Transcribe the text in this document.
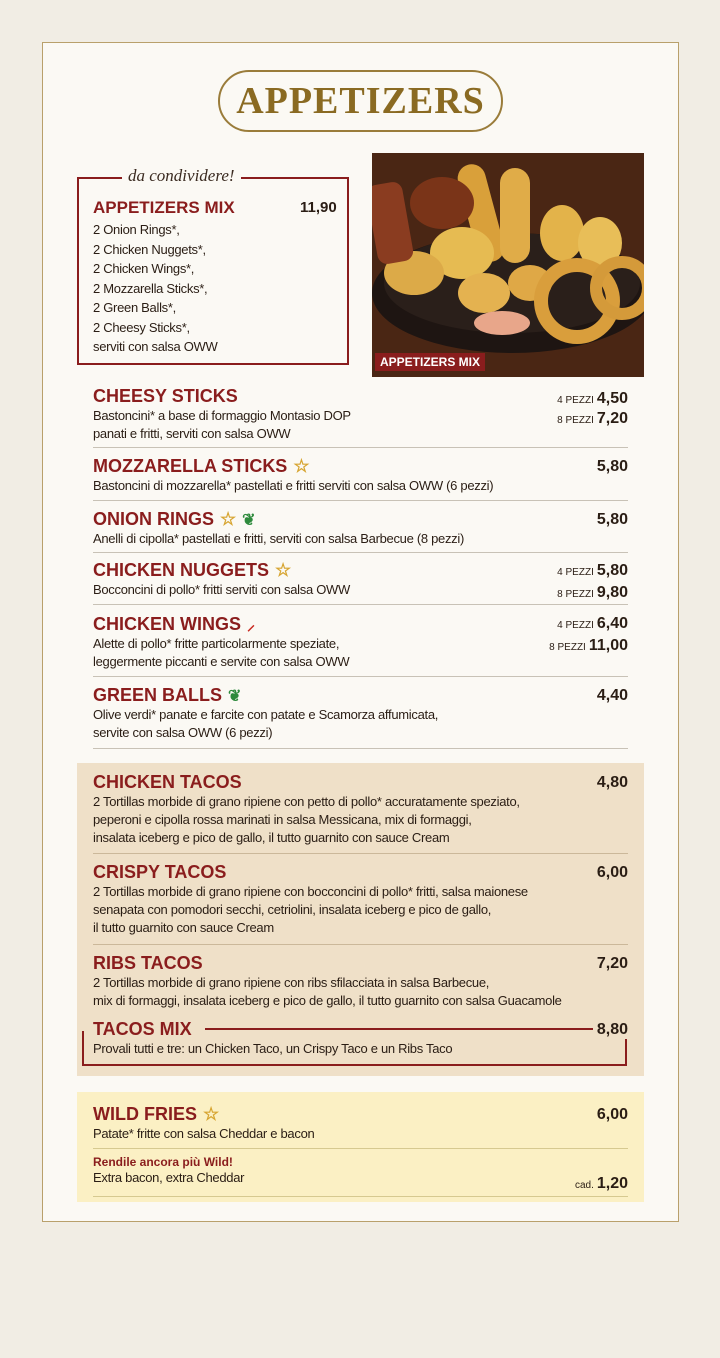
APPETIZERS
da condividere!
APPETIZERS MIX	11,90
2 Onion Rings*,
2 Chicken Nuggets*,
2 Chicken Wings*,
2 Mozzarella Sticks*,
2 Green Balls*,
2 Cheesy Sticks*,
serviti con salsa OWW
APPETIZERS MIX
CHEESY STICKS
Bastoncini* a base di formaggio Montasio DOP
panati e fritti, serviti con salsa OWW
4 PEZZI 4,50
8 PEZZI 7,20
MOZZARELLA STICKS ☆
Bastoncini di mozzarella* pastellati e fritti serviti con salsa OWW (6 pezzi)
5,80
ONION RINGS ☆ ❦
Anelli di cipolla* pastellati e fritti, serviti con salsa Barbecue (8 pezzi)
5,80
CHICKEN NUGGETS ☆
Bocconcini di pollo* fritti serviti con salsa OWW
4 PEZZI 5,80
8 PEZZI 9,80
CHICKEN WINGS ⸝
Alette di pollo* fritte particolarmente speziate,
leggermente piccanti e servite con salsa OWW
4 PEZZI 6,40
8 PEZZI 11,00
GREEN BALLS ❦
Olive verdi* panate e farcite con patate e Scamorza affumicata,
servite con salsa OWW (6 pezzi)
4,40
CHICKEN TACOS
2 Tortillas morbide di grano ripiene con petto di pollo* accuratamente speziato,
peperoni e cipolla rossa marinati in salsa Messicana, mix di formaggi,
insalata iceberg e pico de gallo, il tutto guarnito con sauce Cream
4,80
CRISPY TACOS
2 Tortillas morbide di grano ripiene con bocconcini di pollo* fritti, salsa maionese
senapata con pomodori secchi, cetriolini, insalata iceberg e pico de gallo,
il tutto guarnito con sauce Cream
6,00
RIBS TACOS
2 Tortillas morbide di grano ripiene con ribs sfilacciata in salsa Barbecue,
mix di formaggi, insalata iceberg e pico de gallo, il tutto guarnito con salsa Guacamole
7,20
TACOS MIX
Provali tutti e tre: un Chicken Taco, un Crispy Taco e un Ribs Taco
8,80
WILD FRIES ☆
Patate* fritte con salsa Cheddar e bacon
6,00
Rendile ancora più Wild!
Extra bacon, extra Cheddar
cad. 1,20
